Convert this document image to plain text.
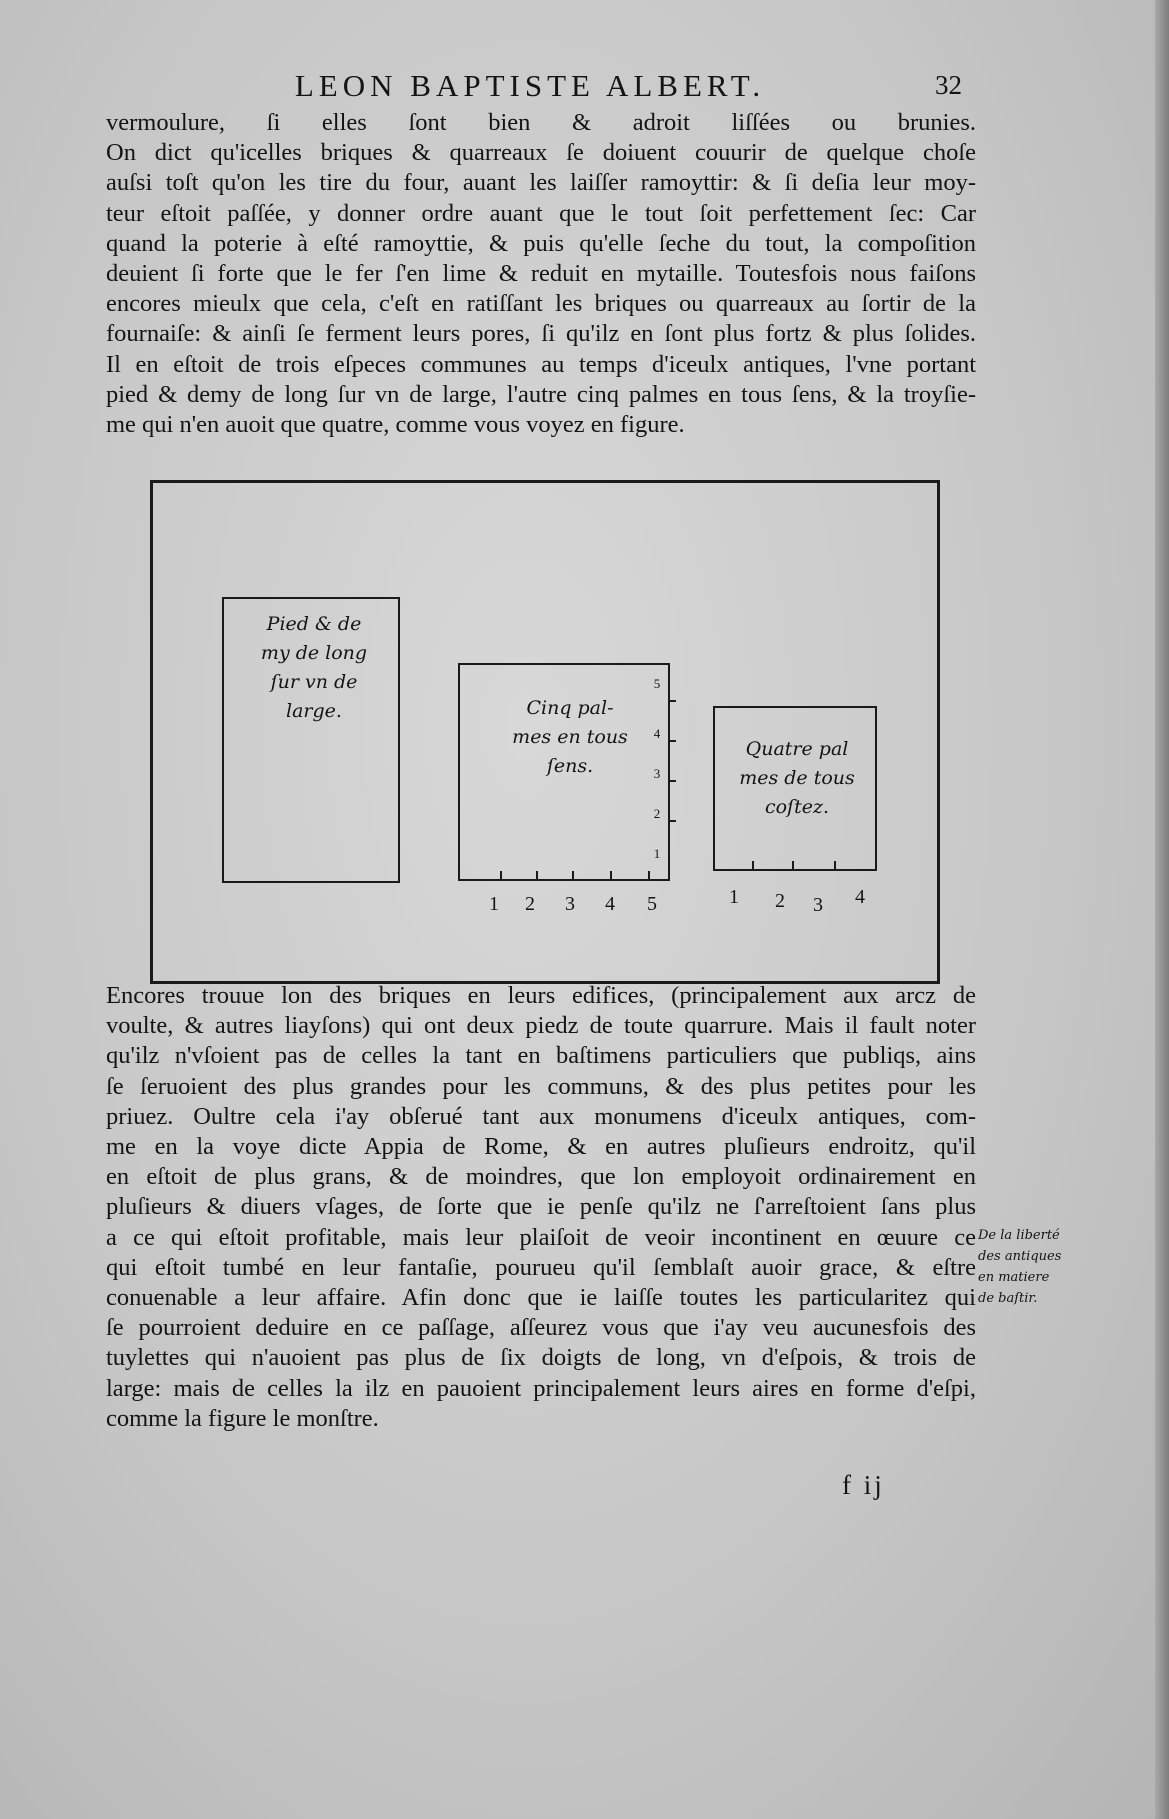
LEON BAPTISTE ALBERT.	32
vermoulure, ſi elles ſont bien & adroit liſſées ou brunies.
On dict qu'icelles briques & quarreaux ſe doiuent couurir de quelque choſe
auſsi toſt qu'on les tire du four, auant les laiſſer ramoyttir: & ſi deſia leur moy-
teur eſtoit paſſée, y donner ordre auant que le tout ſoit perfettement ſec: Car
quand la poterie à eſté ramoyttie, & puis qu'elle ſeche du tout, la compoſition
deuient ſi forte que le fer ſ'en lime & reduit en mytaille. Toutesfois nous faiſons
encores mieulx que cela, c'eſt en ratiſſant les briques ou quarreaux au ſortir de la
fournaiſe: & ainſi ſe ferment leurs pores, ſi qu'ilz en ſont plus fortz & plus ſolides.
Il en eſtoit de trois eſpeces communes au temps d'iceulx antiques, l'vne portant
pied & demy de long ſur vn de large, l'autre cinq palmes en tous ſens, & la troyſie-
me qui n'en auoit que quatre, comme vous voyez en figure.
Pied & de
my de long
ſur vn de
large.	Cinq pal-
mes en tous
ſens.
Quatre pal
mes de tous
coſtez.
1 2 3 4 5	1 2 3 4
5
4
3
2
1
Encores trouue lon des briques en leurs edifices, (principalement aux arcz de
voulte, & autres liayſons) qui ont deux piedz de toute quarrure. Mais il fault noter
qu'ilz n'vſoient pas de celles la tant en baſtimens particuliers que publiqs, ains
ſe ſeruoient des plus grandes pour les communs, & des plus petites pour les
priuez. Oultre cela i'ay obſerué tant aux monumens d'iceulx antiques, com-
me en la voye dicte Appia de Rome, & en autres pluſieurs endroitz, qu'il
en eſtoit de plus grans, & de moindres, que lon employoit ordinairement en
pluſieurs & diuers vſages, de ſorte que ie penſe qu'ilz ne ſ'arreſtoient ſans plus
a ce qui eſtoit profitable, mais leur plaiſoit de veoir incontinent en œuure ce
qui eſtoit tumbé en leur fantaſie, pourueu qu'il ſemblaſt auoir grace, & eſtre
conuenable a leur affaire. Afin donc que ie laiſſe toutes les particularitez qui
ſe pourroient deduire en ce paſſage, aſſeurez vous que i'ay veu aucunesfois des
tuylettes qui n'auoient pas plus de ſix doigts de long, vn d'eſpois, & trois de
large: mais de celles la ilz en pauoient principalement leurs aires en forme d'eſpi,
comme la figure le monſtre.
De la liberté
des antiques
en matiere
de baſtir.
f ij
